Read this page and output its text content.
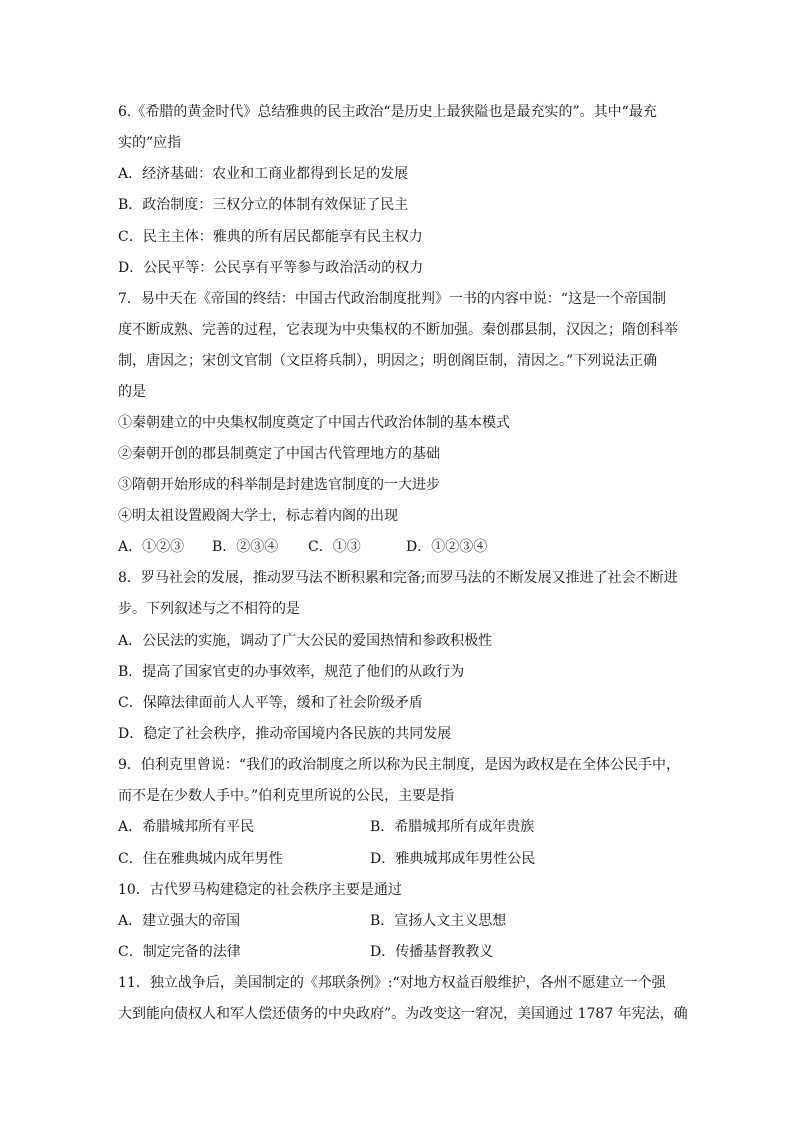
6.《希腊的黄金时代》总结雅典的民主政治“是历史上最狭隘也是最充实的”。其中“最充
实的”应指
A．经济基础：农业和工商业都得到长足的发展
B．政治制度：三权分立的体制有效保证了民主
C．民主主体：雅典的所有居民都能享有民主权力
D．公民平等：公民享有平等参与政治活动的权力
7．易中天在《帝国的终结：中国古代政治制度批判》一书的内容中说：“这是一个帝国制
度不断成熟、完善的过程，它表现为中央集权的不断加强。秦创郡县制，汉因之；隋创科举
制，唐因之；宋创文官制（文臣将兵制），明因之；明创阁臣制，清因之。”下列说法正确
的是
①秦朝建立的中央集权制度奠定了中国古代政治体制的基本模式
②秦朝开创的郡县制奠定了中国古代管理地方的基础
③隋朝开始形成的科举制是封建选官制度的一大进步
④明太祖设置殿阁大学士，标志着内阁的出现
A．①②③ B．②③④ C．①③	D．①②③④
8．罗马社会的发展，推动罗马法不断积累和完备;而罗马法的不断发展又推进了社会不断进
步。下列叙述与之不相符的是
A．公民法的实施，调动了广大公民的爱国热情和参政积极性
B．提高了国家官吏的办事效率，规范了他们的从政行为
C．保障法律面前人人平等，缓和了社会阶级矛盾
D．稳定了社会秩序，推动帝国境内各民族的共同发展
9．伯利克里曾说：“我们的政治制度之所以称为民主制度，是因为政权是在全体公民手中，
而不是在少数人手中。”伯利克里所说的公民，主要是指
A．希腊城邦所有平民	B．希腊城邦所有成年贵族
C．住在雅典城内成年男性	D．雅典城邦成年男性公民
10．古代罗马构建稳定的社会秩序主要是通过
A．建立强大的帝国	B．宣扬人文主义思想
C．制定完备的法律	D．传播基督教教义
11．独立战争后，美国制定的《邦联条例》:“对地方权益百般维护，各州不愿建立一个强
大到能向债权人和军人偿还债务的中央政府”。为改变这一窘况，美国通过 1787 年宪法，确
